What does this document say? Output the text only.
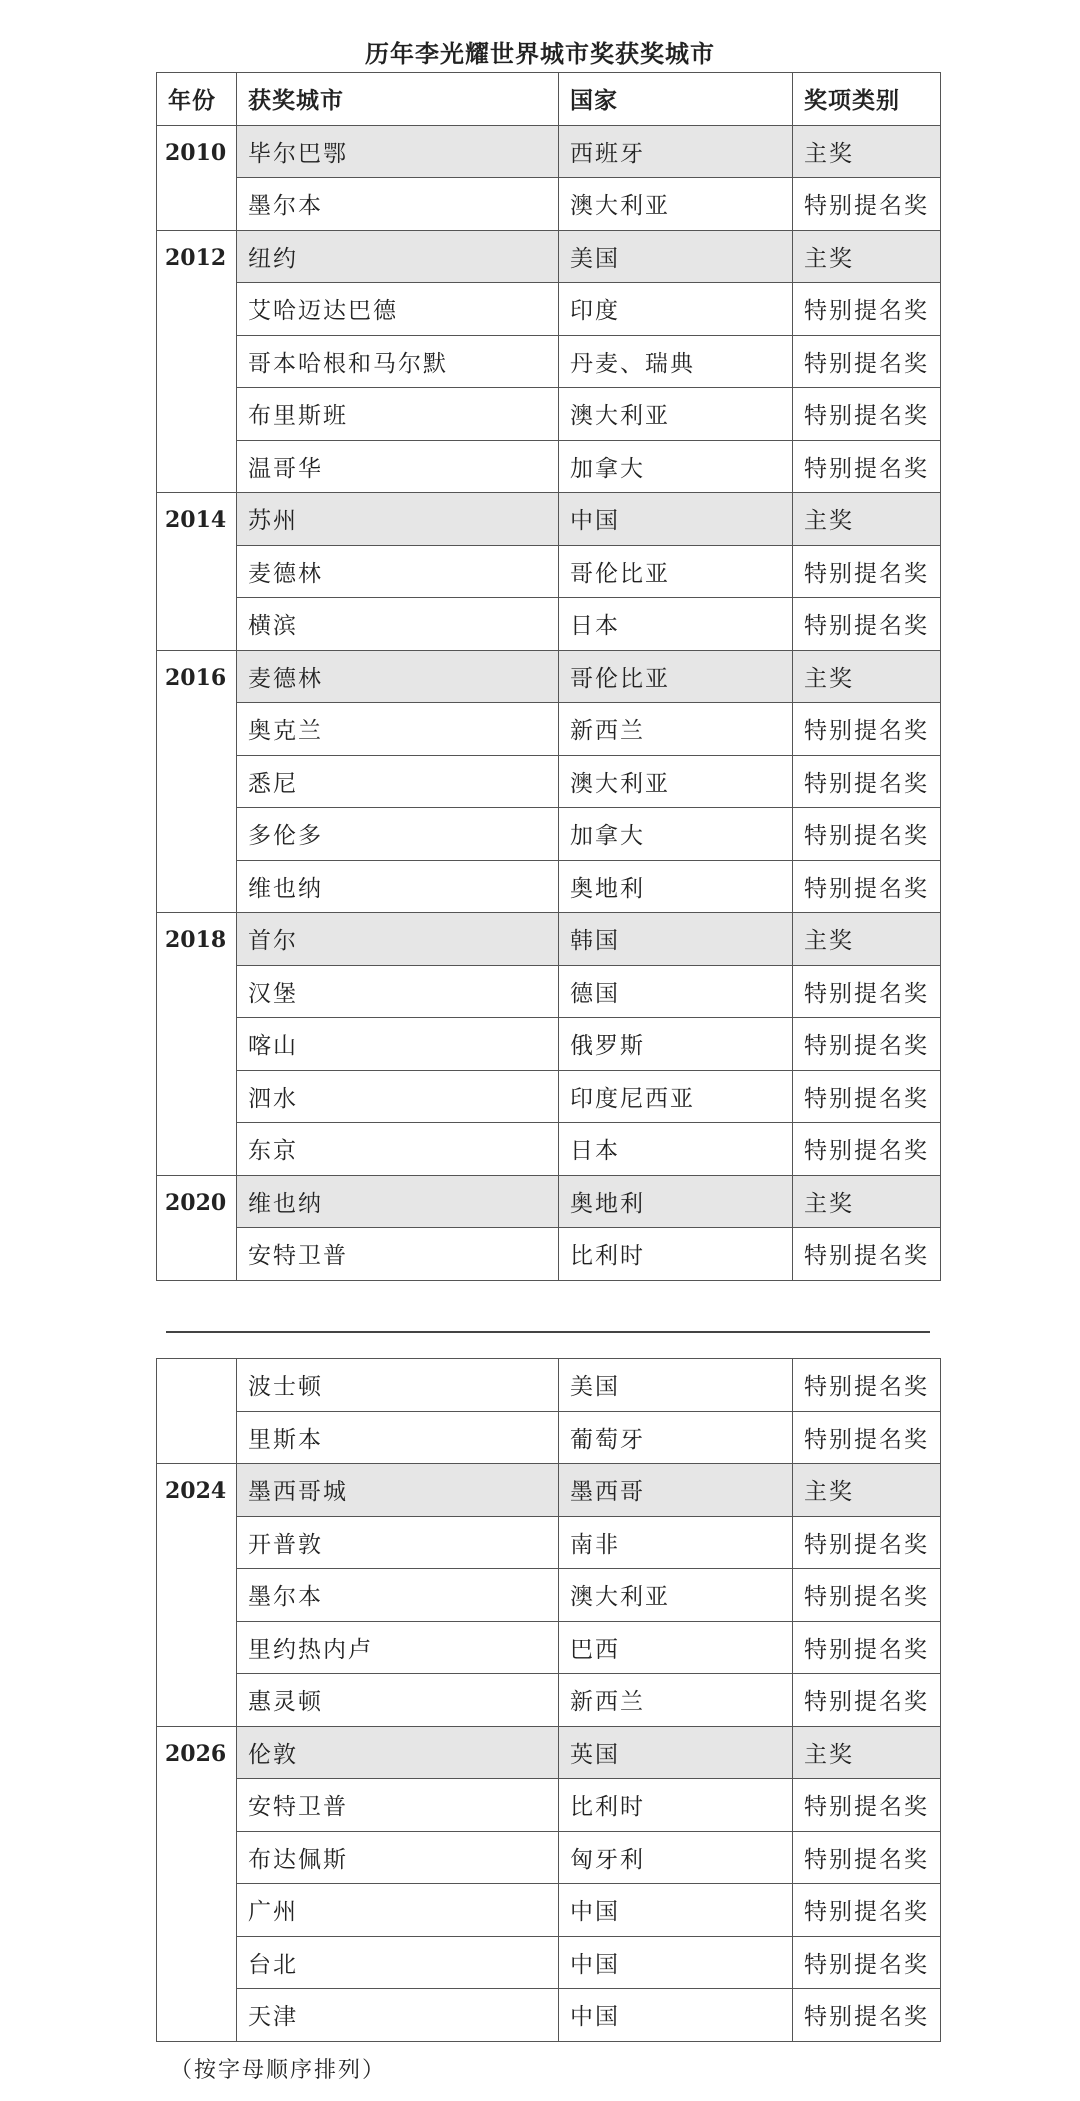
历年李光耀世界城市奖获奖城市
年份	获奖城市	国家	奖项类别
2010	毕尔巴鄂	西班牙	主奖
	墨尔本	澳大利亚	特别提名奖
2012	纽约	美国	主奖
	艾哈迈达巴德	印度	特别提名奖
	哥本哈根和马尔默	丹麦、瑞典	特别提名奖
	布里斯班	澳大利亚	特别提名奖
	温哥华	加拿大	特别提名奖
2014	苏州	中国	主奖
	麦德林	哥伦比亚	特别提名奖
	横滨	日本	特别提名奖
2016	麦德林	哥伦比亚	主奖
	奥克兰	新西兰	特别提名奖
	悉尼	澳大利亚	特别提名奖
	多伦多	加拿大	特别提名奖
	维也纳	奥地利	特别提名奖
2018	首尔	韩国	主奖
	汉堡	德国	特别提名奖
	喀山	俄罗斯	特别提名奖
	泗水	印度尼西亚	特别提名奖
	东京	日本	特别提名奖
2020	维也纳	奥地利	主奖
	安特卫普	比利时	特别提名奖
	波士顿	美国	特别提名奖
	里斯本	葡萄牙	特别提名奖
2024	墨西哥城	墨西哥	主奖
	开普敦	南非	特别提名奖
	墨尔本	澳大利亚	特别提名奖
	里约热内卢	巴西	特别提名奖
	惠灵顿	新西兰	特别提名奖
2026	伦敦	英国	主奖
	安特卫普	比利时	特别提名奖
	布达佩斯	匈牙利	特别提名奖
	广州	中国	特别提名奖
	台北	中国	特别提名奖
	天津	中国	特别提名奖
（按字母顺序排列）
